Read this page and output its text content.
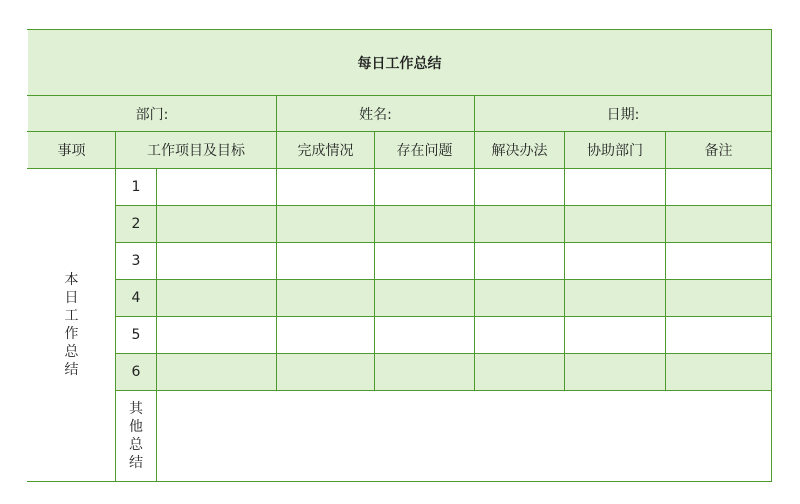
每日工作总结							
部门:			姓名:		日期:		
事项	工作项目及目标		完成情况	存在问题	解决办法	协助部门	备注
本日工作总结	1						
	2						
	3						
	4						
	5						
	6						
	其他总结						
